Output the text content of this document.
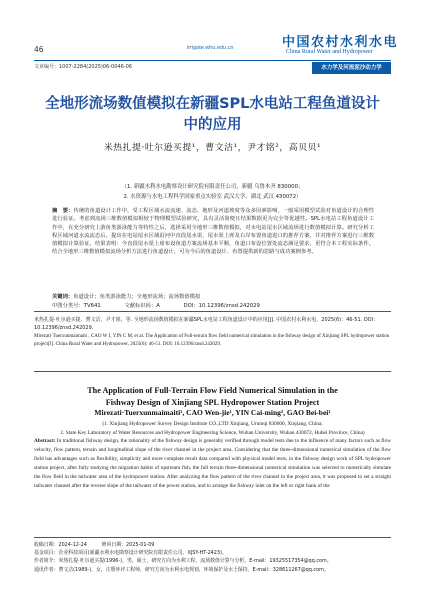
46	irrigate.whu.edu.cn	中国农村水利水电
China Rural Water and Hydropower
文章编号：1007-2284(2025)06-0046-06	水力学及河流泥沙动力学
全地形流场数值模拟在新疆SPL水电站工程鱼道设计中的应用
米热扎提·吐尔逊买提¹，曹文洁¹，尹才铭²，高贝贝¹
（1. 新疆水利水电勘察设计研究院有限责任公司，新疆 乌鲁木齐 830000；
2. 水资源与水电工程科学国家重点实验室 武汉大学，湖北 武汉 430072）
摘　要：传统的鱼道设计工作中，受工程区域水流流速、流态、地形及河道坡度等众多因素影响，一般采用模型试验对鱼道设计的合理性进行验证。考虑到流场三维数值模拟相较于物理模型试验研究，具有灵活简便且结果数据更为完全等优越性。SPL水电站工程鱼道设计工作中，在充分研究上游鱼类游泳能力等特性之后，选择采用全地形三维数值模拟，对水电站尾水区域流场进行数值模拟计算。研究分析工程区域河道水流流态后，提出在电站尾水区域沿河中直段尾水渠，尾水渠上席及右岸布置鱼道进口的推荐方案，并对推荐方案进行三维数值模拟计算验证，结果表明：今直段尾水渠上席布设鱼道方案流场基本平顺，鱼道口布设位置处流态满足要求，更符合本工程实际条件。结合全地形三维数值模拟流场分析方法进行鱼道设计，可为今后的鱼道设计、布置提供新的思路与成功案例参考。
关键词：鱼道设计；鱼类游泳能力；全地形流场；流场数值模拟
中图分类号：TV641	文献标识码：A	DOI：10.12396/znsd.242029
米热扎提·吐尔逊买提，曹文洁，尹才铭，等. 全地形流场数值模拟在新疆SPL水电站工程鱼道设计中的应用[J]. 中国农村水利水电，2025(6)：46-51. DOI：10.12396/znsd.242029.
Mirezati·Tuerxunmaimaiti , CAO W J, YIN C M, et al. The Application of Full-terrain flow field numerical simulation in the fishway design of Xinjiang SPL hydropower station project[J]. China Rural Water and Hydropower, 2025(6): 46-51. DOI: 10.12396/znsd.242029.
The Application of Full-Terrain Flow Field Numerical Simulation in the
Fishway Design of Xinjiang SPL Hydropower Station Project
Mirezati·Tuerxunmaimaiti¹, CAO Wen-jie¹, YIN Cai-ming², GAO Bei-bei¹
(1. Xinjiang Hydropower Survey Design Institute CO.,LTD Xinjiang, Urumqi 830000, Xinjiang, China;
2. State Key Laboratory of Water Resources and Hydropower Engineering Science, Wuhan University, Wuhan 430072, Hubei Province, China)
Abstract: In traditional fishway design, the rationality of the fishway design is generally verified through model tests due to the influence of many factors such as flow velocity, flow pattern, terrain and longitudinal slope of the river channel in the project area. Considering that the three-dimensional numerical simulation of the flow field has advantages such as flexibility, simplicity and more complete result data compared with physical model tests, in the fishway design work of SPL hydropower station project, after fully studying the migration habits of upstream fish, the full terrain three-dimensional numerical simulation was selected to numerically simulate the flow field in the tailwater area of the hydropower station. After analyzing the flow pattern of the river channel in the project area, it was proposed to set a straight tailwater channel after the reverse slope of the tailwater of the power station, and to arrange the fishway inlet on the left or right bank of the
收稿日期：2024-12-24　　　修回日期：2025-01-09
基金项目：企业科技项目(新疆水利水电勘察设计研究院有限责任公司，XJSY-HT-2423)。
作者简介：米热扎提·吐尔逊买提(1996-)，男，硕士，研究方向为水利工程、流场数值计算与分析。E-mail：19325517354@qq.com。
通讯作者：曹文洁(1989-)，女，注册环评工程师，研究方向为水利水电规划、环境保护及水土保持。E-mail：328611267@qq.com。
